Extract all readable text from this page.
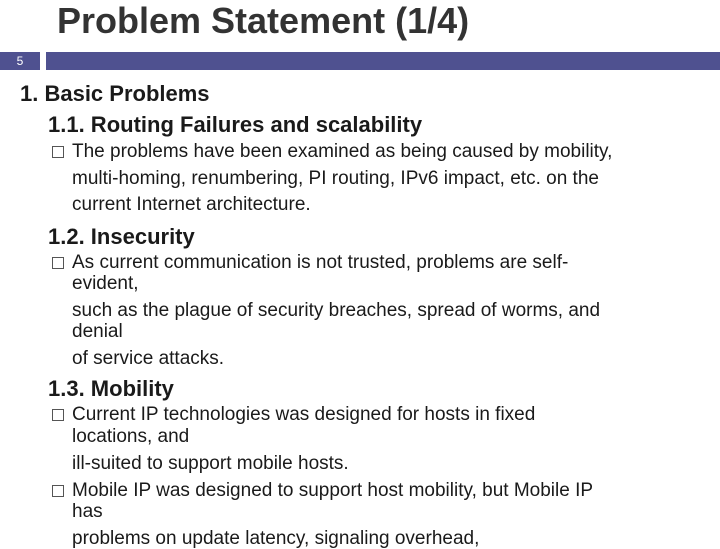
Problem Statement (1/4)
5
1. Basic Problems
1.1. Routing Failures and scalability
The problems have been examined as being caused by mobility,
multi-homing, renumbering, PI routing, IPv6 impact, etc. on the
current Internet architecture.
1.2. Insecurity
As current communication is not trusted, problems are self-
evident,
such as the plague of security breaches, spread of worms, and
denial
of service attacks.
1.3. Mobility
Current IP technologies was designed for hosts in fixed
locations, and
ill-suited to support mobile hosts.
Mobile IP was designed to support host mobility, but Mobile IP
has
problems on update latency, signaling overhead,
